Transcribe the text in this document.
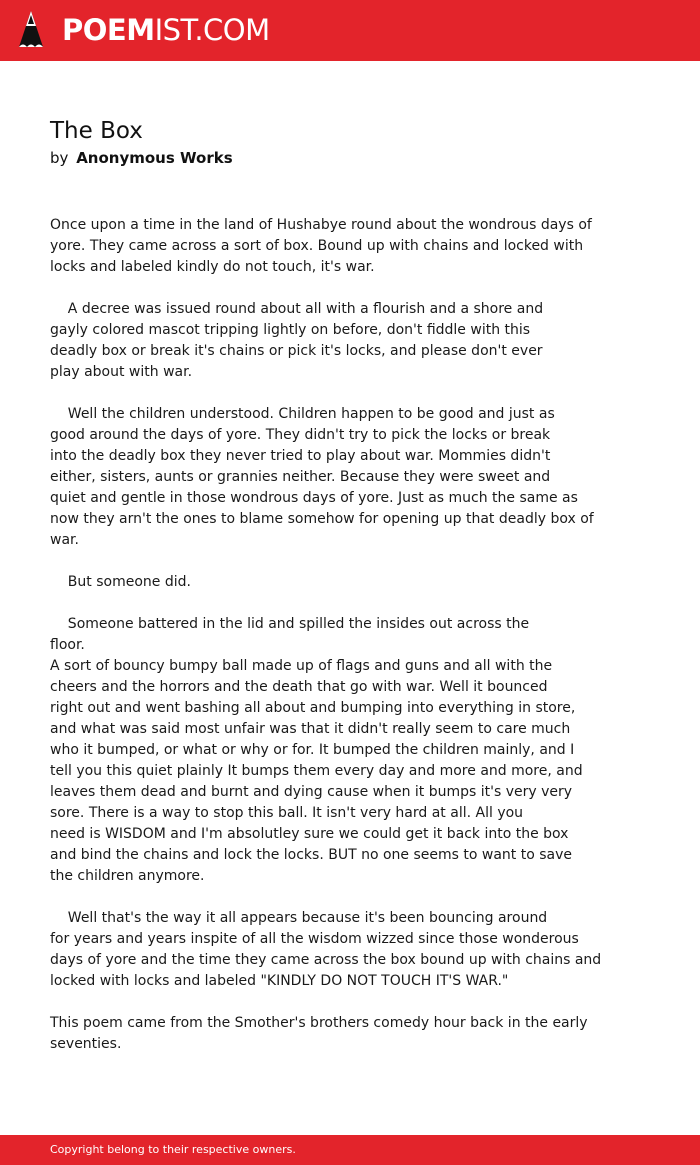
POEMIST.COM
The Box

by Anonymous Works

Once upon a time in the land of Hushabye round about the wondrous days of
yore. They came across a sort of box. Bound up with chains and locked with
locks and labeled kindly do not touch, it's war.

A decree was issued round about all with a flourish and a shore and
gayly colored mascot tripping lightly on before, don't fiddle with this
deadly box or break it's chains or pick it's locks, and please don't ever
play about with war.

Well the children understood. Children happen to be good and just as
good around the days of yore. They didn't try to pick the locks or break
into the deadly box they never tried to play about war. Mommies didn't
either, sisters, aunts or grannies neither. Because they were sweet and
quiet and gentle in those wondrous days of yore. Just as much the same as
now they arn't the ones to blame somehow for opening up that deadly box of
war.

But someone did.

Someone battered in the lid and spilled the insides out across the
floor.
A sort of bouncy bumpy ball made up of flags and guns and all with the
cheers and the horrors and the death that go with war. Well it bounced
right out and went bashing all about and bumping into everything in store,
and what was said most unfair was that it didn't really seem to care much
who it bumped, or what or why or for. It bumped the children mainly, and I
tell you this quiet plainly It bumps them every day and more and more, and
leaves them dead and burnt and dying cause when it bumps it's very very
sore. There is a way to stop this ball. It isn't very hard at all. All you
need is WISDOM and I'm absolutley sure we could get it back into the box
and bind the chains and lock the locks. BUT no one seems to want to save
the children anymore.

Well that's the way it all appears because it's been bouncing around
for years and years inspite of all the wisdom wizzed since those wonderous
days of yore and the time they came across the box bound up with chains and
locked with locks and labeled "KINDLY DO NOT TOUCH IT'S WAR."

This poem came from the Smother's brothers comedy hour back in the early
seventies.

Copyright belong to their respective owners.
